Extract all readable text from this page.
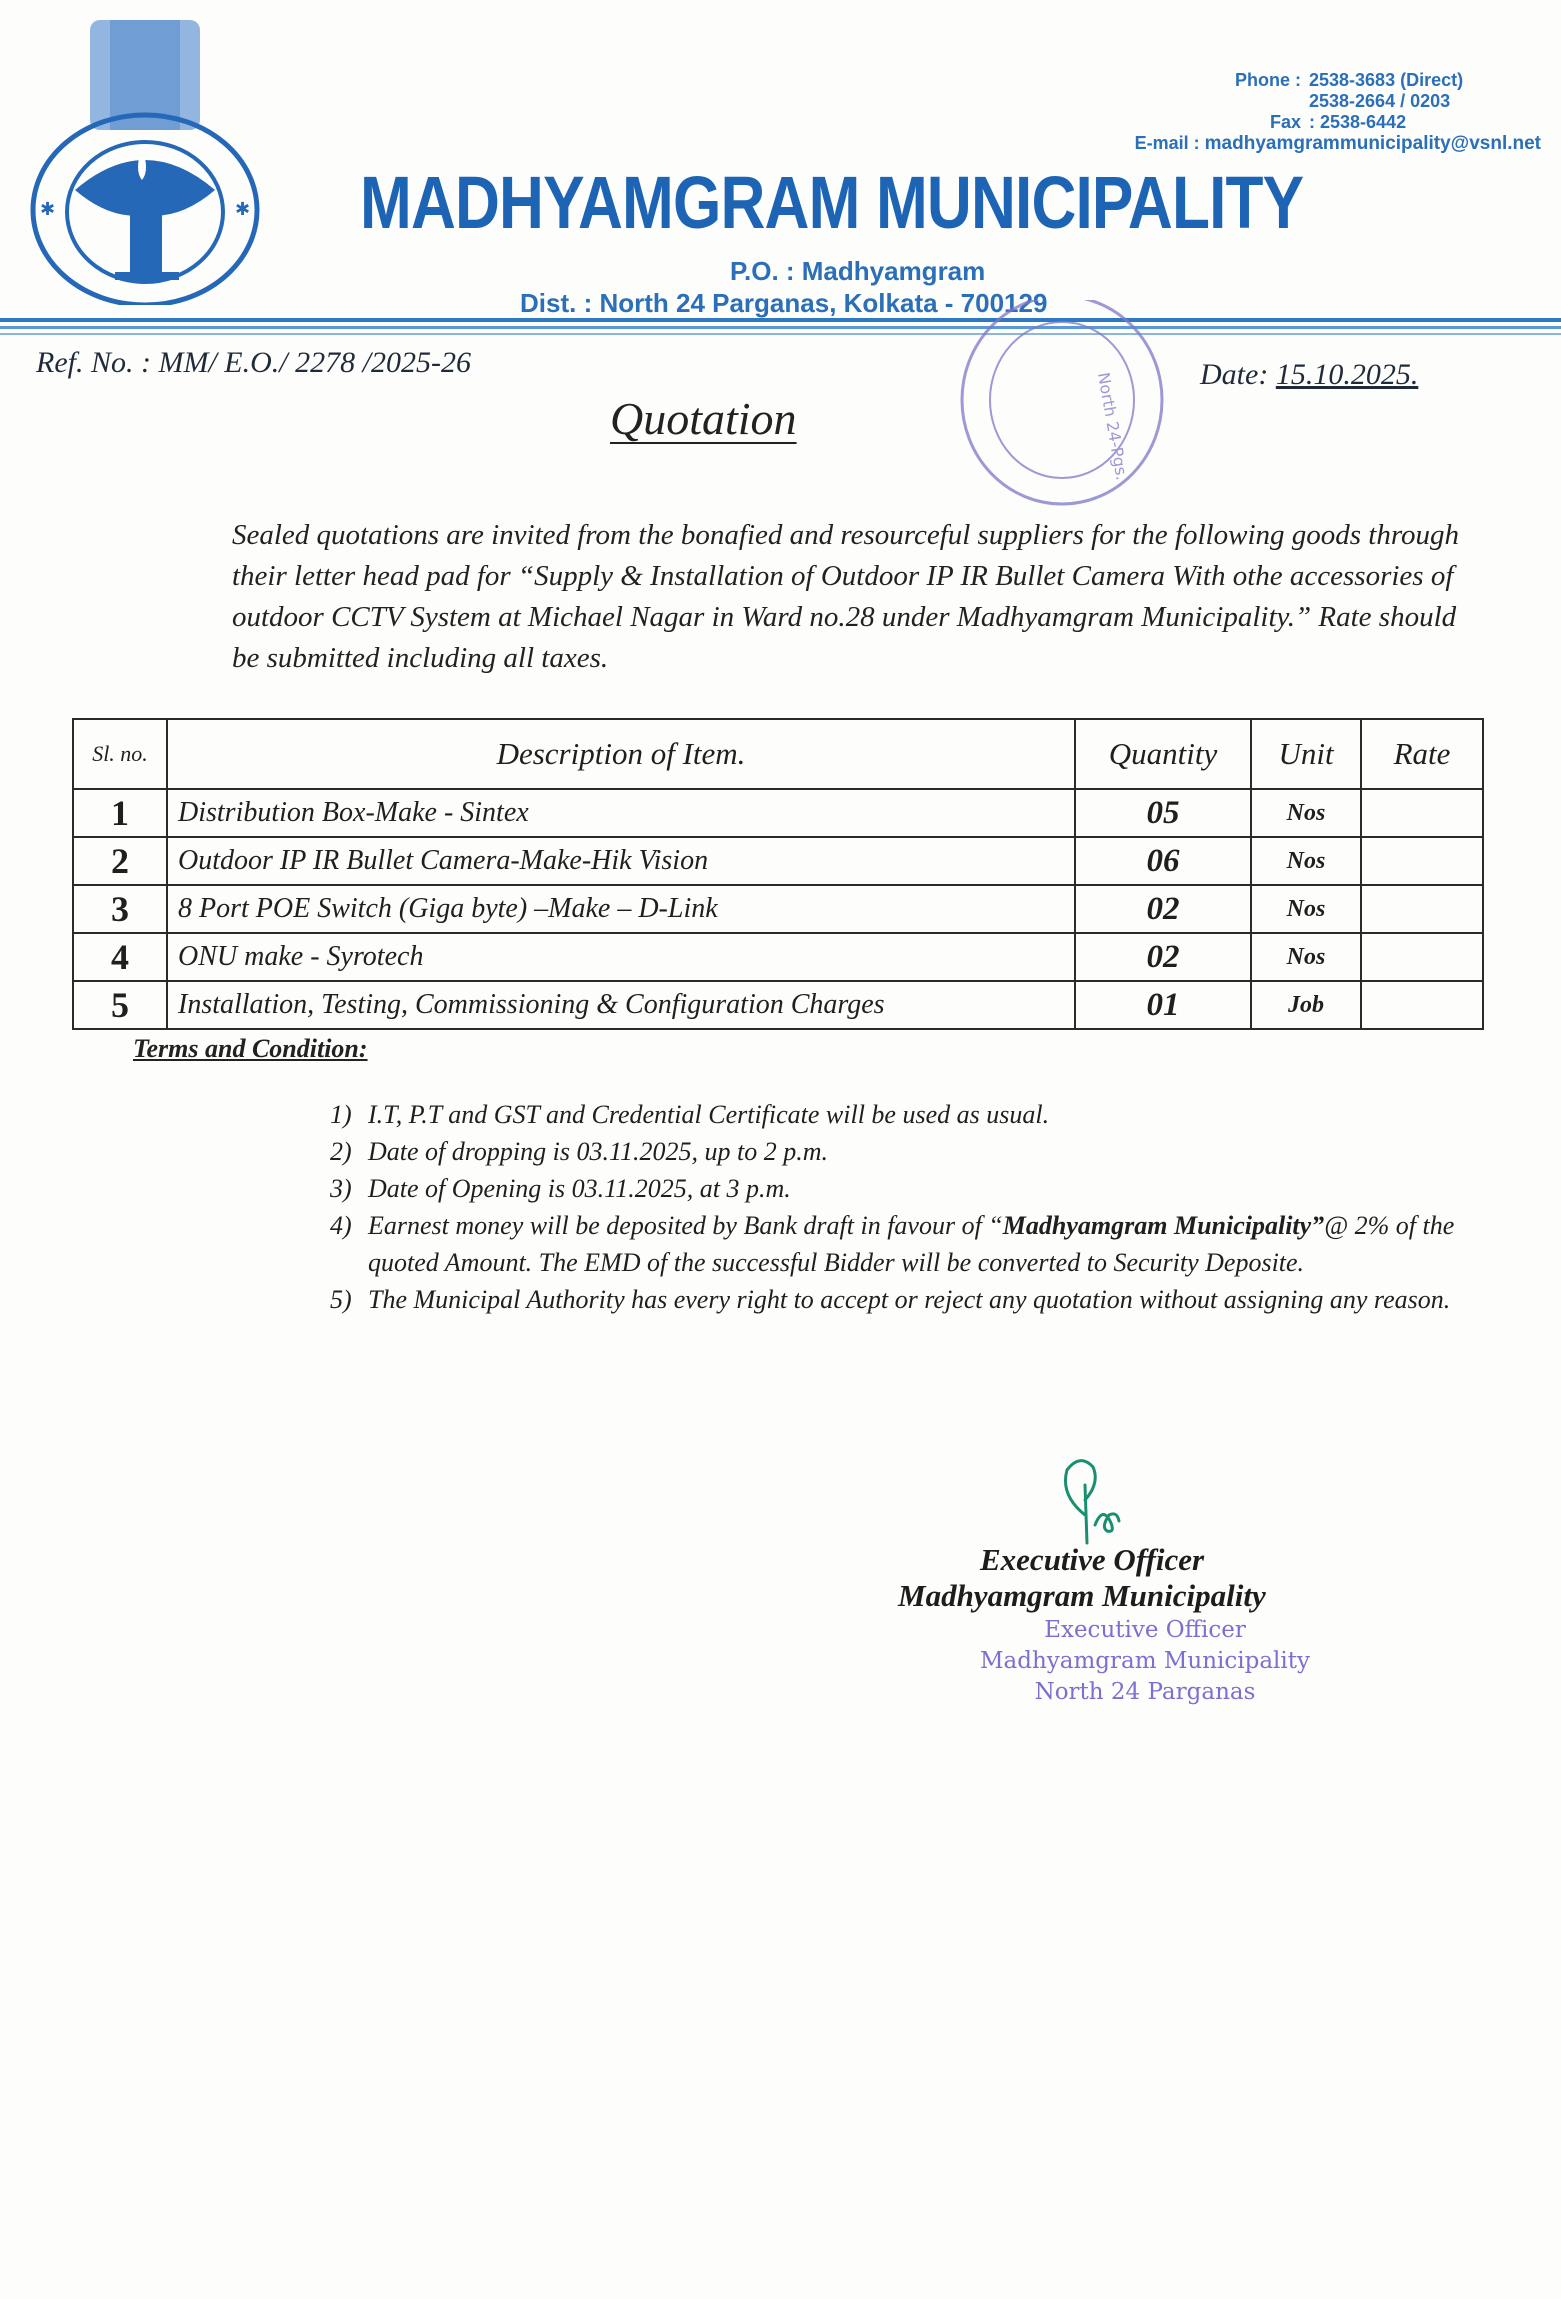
✱	✱
Phone : 2538-3683 (Direct)
2538-2664 / 0203
Fax : 2538-6442
E-mail :
madhyamgrammunicipality@vsnl.net
MADHYAMGRAM MUNICIPALITY
P.O. : Madhyamgram
Dist. : North 24 Parganas, Kolkata - 700129
North 24-Pgs.
Ref. No. : MM/ E.O./ 2278 /2025-26	Date: 15.10.2025.
Quotation
Sealed quotations are invited from the bonafied and resourceful suppliers for the following goods through their letter head pad for “Supply & Installation of Outdoor IP IR Bullet Camera With othe accessories of outdoor CCTV System at Michael Nagar in Ward no.28 under Madhyamgram Municipality.” Rate should be submitted including all taxes.
Sl. no.	Description of Item.	Quantity	Unit	Rate
1	Distribution Box-Make - Sintex	05	Nos	
2	Outdoor IP IR Bullet Camera-Make-Hik Vision	06	Nos	
3	8 Port POE Switch (Giga byte) –Make – D-Link	02	Nos	
4	ONU make - Syrotech	02	Nos	
5	Installation, Testing, Commissioning & Configuration Charges	01	Job	
Terms and Condition:
1) I.T, P.T and GST and Credential Certificate will be used as usual.
2) Date of dropping is 03.11.2025, up to 2 p.m.
3) Date of Opening is 03.11.2025, at 3 p.m.
4) Earnest money will be deposited by Bank draft in favour of “Madhyamgram Municipality”@ 2% of the quoted Amount. The EMD of the successful Bidder will be converted to Security Deposite.
5) The Municipal Authority has every right to accept or reject any quotation without assigning any reason.
Executive Officer
Madhyamgram Municipality
Executive Officer
Madhyamgram Municipality
North 24 Parganas
